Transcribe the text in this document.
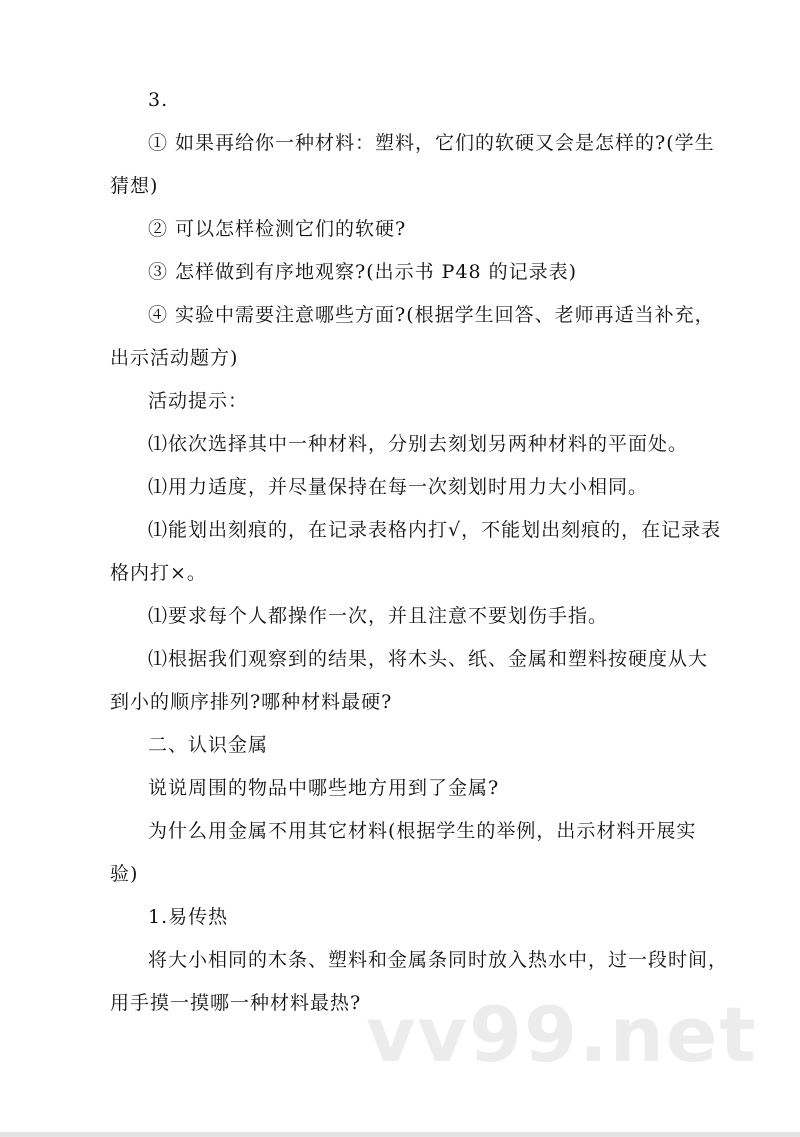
3.
① 如果再给你一种材料：塑料，它们的软硬又会是怎样的?(学生
猜想)
② 可以怎样检测它们的软硬?
③ 怎样做到有序地观察?(出示书 P48 的记录表)
④ 实验中需要注意哪些方面?(根据学生回答、老师再适当补充，
出示活动题方)
活动提示：
⑴依次选择其中一种材料，分别去刻划另两种材料的平面处。
⑴用力适度，并尽量保持在每一次刻划时用力大小相同。
⑴能划出刻痕的，在记录表格内打√，不能划出刻痕的，在记录表
格内打×。
⑴要求每个人都操作一次，并且注意不要划伤手指。
⑴根据我们观察到的结果，将木头、纸、金属和塑料按硬度从大
到小的顺序排列?哪种材料最硬?
二、认识金属
说说周围的物品中哪些地方用到了金属?
为什么用金属不用其它材料(根据学生的举例，出示材料开展实
验)
1.易传热
将大小相同的木条、塑料和金属条同时放入热水中，过一段时间，
用手摸一摸哪一种材料最热? vv99.net
